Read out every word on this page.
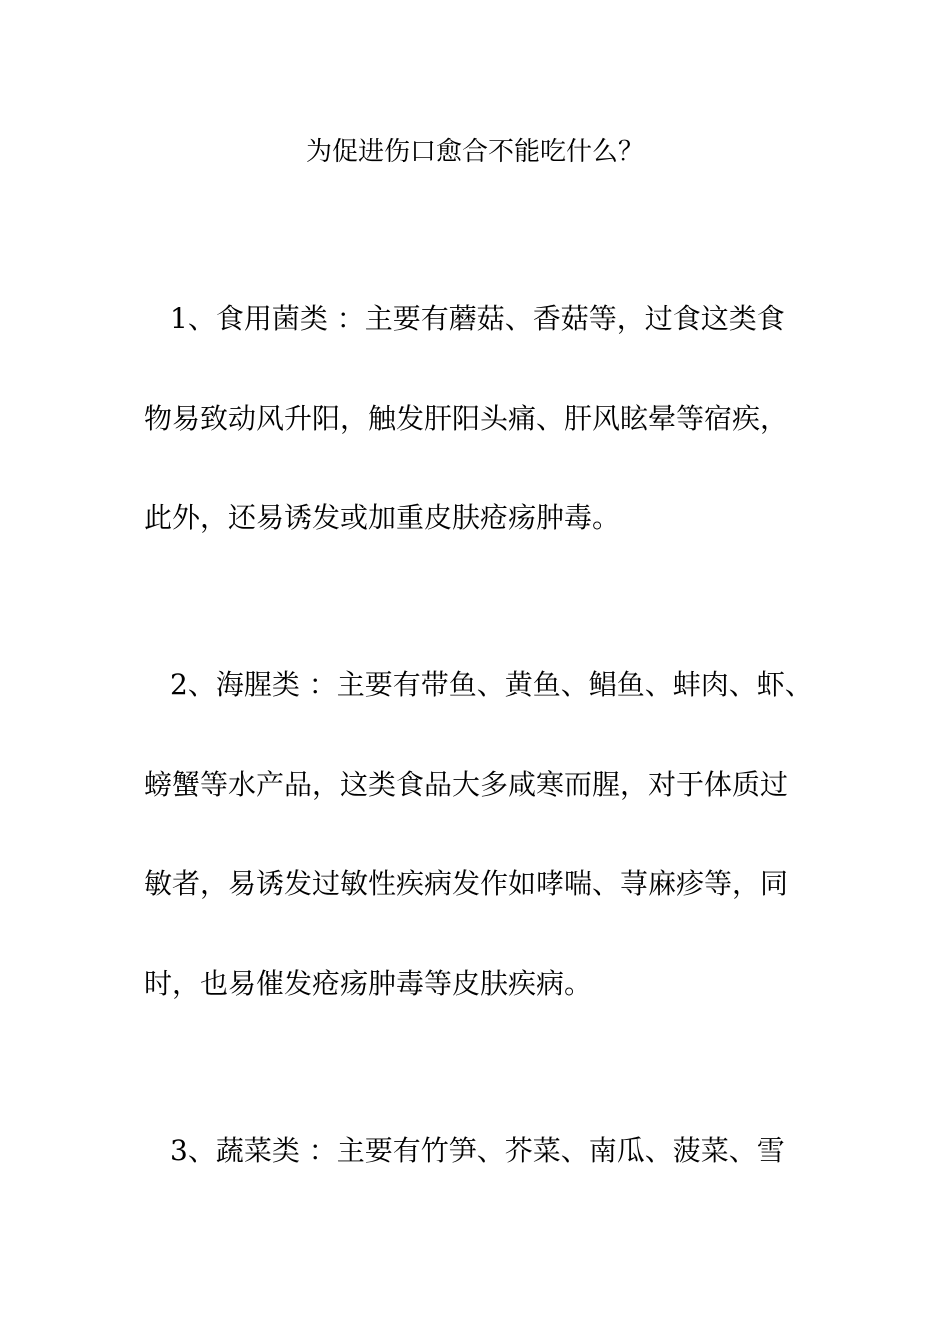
为促进伤口愈合不能吃什么？

1、食用菌类 ：主要有蘑菇、香菇等，过食这类食

物易致动风升阳，触发肝阳头痛、肝风眩晕等宿疾，

此外，还易诱发或加重皮肤疮疡肿毒。

2、海腥类 ：主要有带鱼、黄鱼、鲳鱼、蚌肉、虾、

螃蟹等水产品，这类食品大多咸寒而腥，对于体质过

敏者，易诱发过敏性疾病发作如哮喘、荨麻疹等，同

时，也易催发疮疡肿毒等皮肤疾病。

3、蔬菜类 ：主要有竹笋、芥菜、南瓜、菠菜、雪
